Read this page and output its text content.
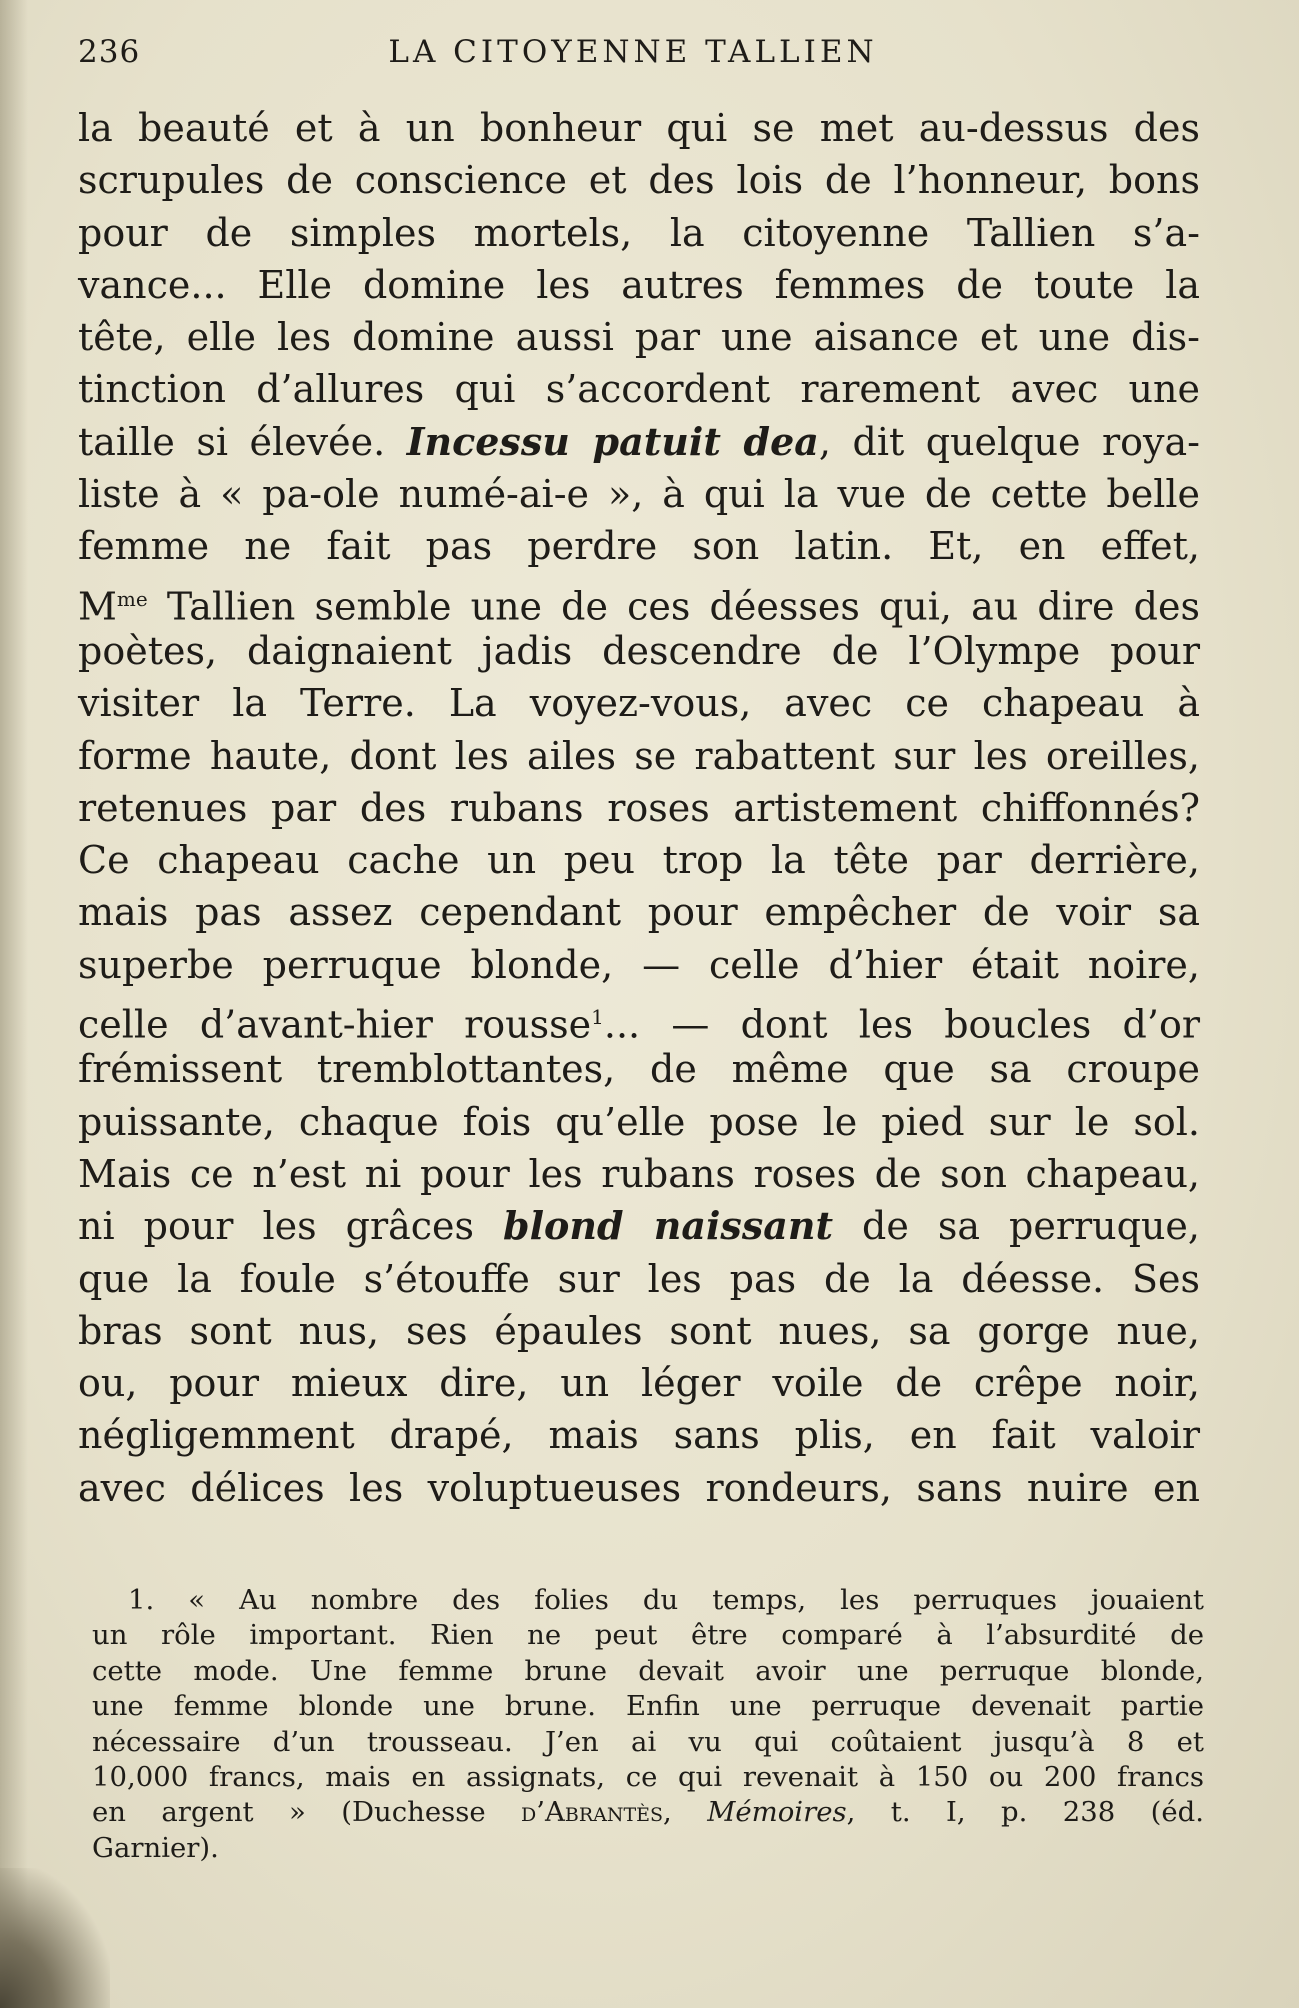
236	LA CITOYENNE TALLIEN
la beauté et à un bonheur qui se met au-dessus des
scrupules de conscience et des lois de l’honneur, bons
pour de simples mortels, la citoyenne Tallien s’a-
vance... Elle domine les autres femmes de toute la
tête, elle les domine aussi par une aisance et une dis-
tinction d’allures qui s’accordent rarement avec une
taille si élevée. Incessu patuit dea, dit quelque roya-
liste à « pa-ole numé-ai-e », à qui la vue de cette belle
femme ne fait pas perdre son latin. Et, en effet,
$M^{me}$ Tallien semble une de ces déesses qui, au dire des
poètes, daignaient jadis descendre de l’Olympe pour
visiter la Terre. La voyez-vous, avec ce chapeau à
forme haute, dont les ailes se rabattent sur les oreilles,
retenues par des rubans roses artistement chiffonnés?
Ce chapeau cache un peu trop la tête par derrière,
mais pas assez cependant pour empêcher de voir sa
superbe perruque blonde, — celle d’hier était noire,
celle d’avant-hier rousse$^1$... — dont les boucles d’or
frémissent tremblottantes, de même que sa croupe
puissante, chaque fois qu’elle pose le pied sur le sol.
Mais ce n’est ni pour les rubans roses de son chapeau,
ni pour les grâces blond naissant de sa perruque,
que la foule s’étouffe sur les pas de la déesse. Ses
bras sont nus, ses épaules sont nues, sa gorge nue,
ou, pour mieux dire, un léger voile de crêpe noir,
négligemment drapé, mais sans plis, en fait valoir
avec délices les voluptueuses rondeurs, sans nuire en
1. « Au nombre des folies du temps, les perruques jouaient
un rôle important. Rien ne peut être comparé à l’absurdité de
cette mode. Une femme brune devait avoir une perruque blonde,
une femme blonde une brune. Enfin une perruque devenait partie
nécessaire d’un trousseau. J’en ai vu qui coûtaient jusqu’à 8 et
10,000 francs, mais en assignats, ce qui revenait à 150 ou 200 francs
en argent » (Duchesse d’Abrantès, Mémoires, t. I, p. 238 (éd.
Garnier).
